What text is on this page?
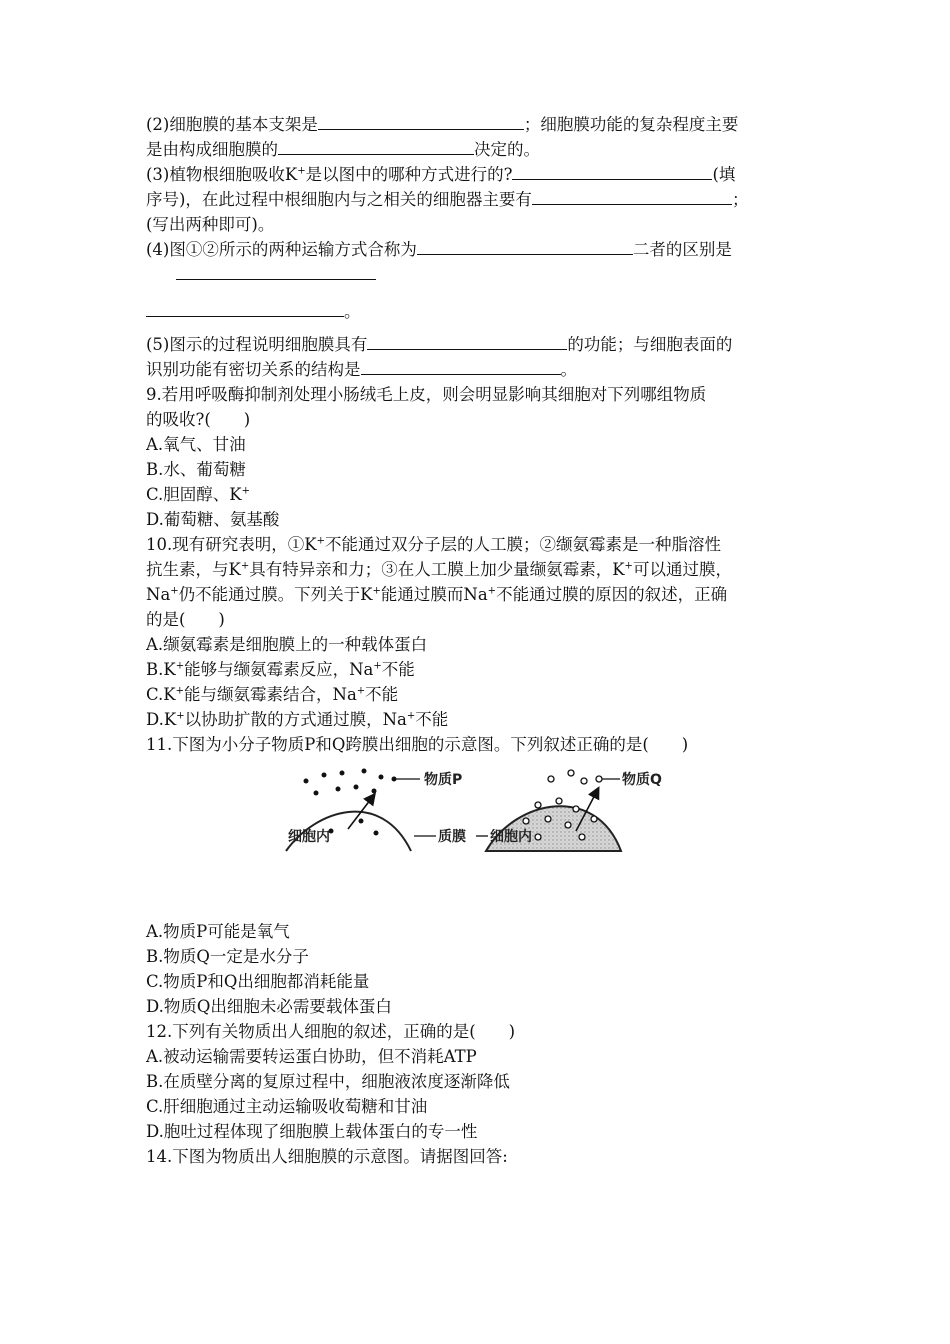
(2)细胞膜的基本支架是	；细胞膜功能的复杂程度主要
是由构成细胞膜的	决定的。
(3)植物根细胞吸收K+是以图中的哪种方式进行的?	(填
序号)，在此过程中根细胞内与之相关的细胞器主要有	；
(写出两种即可)。
(4)图①②所示的两种运输方式合称为	二者的区别是
。
(5)图示的过程说明细胞膜具有	的功能；与细胞表面的
识别功能有密切关系的结构是	。
9.若用呼吸酶抑制剂处理小肠绒毛上皮，则会明显影响其细胞对下列哪组物质
的吸收?(　　)
A.氧气、甘油
B.水、葡萄糖
C.胆固醇、K+
D.葡萄糖、氨基酸
10.现有研究表明，①K+不能通过双分子层的人工膜；②缬氨霉素是一种脂溶性
抗生素，与K+具有特异亲和力；③在人工膜上加少量缬氨霉素，K+可以通过膜，
Na+仍不能通过膜。下列关于K+能通过膜而Na+不能通过膜的原因的叙述，正确
的是(　　)
A.缬氨霉素是细胞膜上的一种载体蛋白
B.K+能够与缬氨霉素反应，Na+不能
C.K+能与缬氨霉素结合，Na+不能
D.K+以协助扩散的方式通过膜，Na+不能
11.下图为小分子物质P和Q跨膜出细胞的示意图。下列叙述正确的是(　　)
物质P
细胞内	质膜
物质Q
细胞内
A.物质P可能是氧气
B.物质Q一定是水分子
C.物质P和Q出细胞都消耗能量
D.物质Q出细胞未必需要载体蛋白
12.下列有关物质出人细胞的叙述，正确的是(　　)
A.被动运输需要转运蛋白协助，但不消耗ATP
B.在质壁分离的复原过程中，细胞液浓度逐渐降低
C.肝细胞通过主动运输吸收萄糖和甘油
D.胞吐过程体现了细胞膜上载体蛋白的专一性
14.下图为物质出人细胞膜的示意图。请据图回答:
